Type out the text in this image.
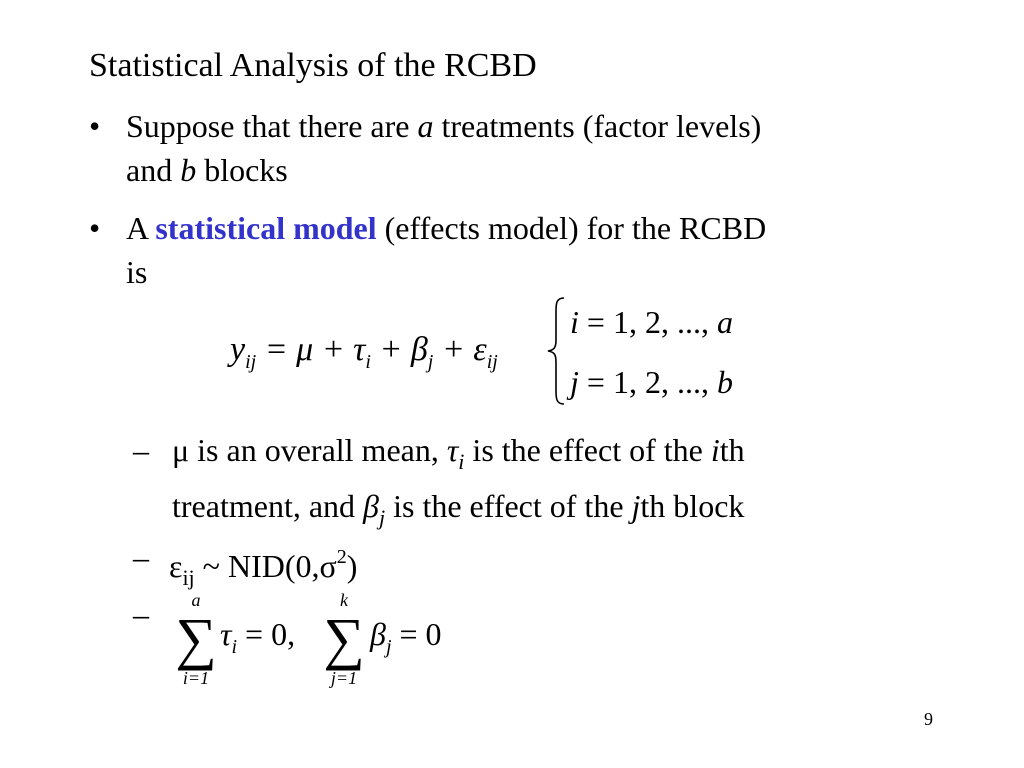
Statistical Analysis of the RCBD
• Suppose that there are a treatments (factor levels)
and b blocks
• A statistical model (effects model) for the RCBD
is
$y_{ij} = \mu + \tau_i + \beta_j + \varepsilon_{ij}$
i = 1, 2, ..., a
j = 1, 2, ..., b
– μ is an overall mean, $\tau_i$ is the effect of the ith
treatment, and $\beta_j$ is the effect of the jth block
– $\varepsilon_{ij}$ ~ $NID(0,\sigma^2)$
–	a
∑
i=1
$\tau_i = 0$,
k
∑
j=1
$\beta_j = 0$
9
